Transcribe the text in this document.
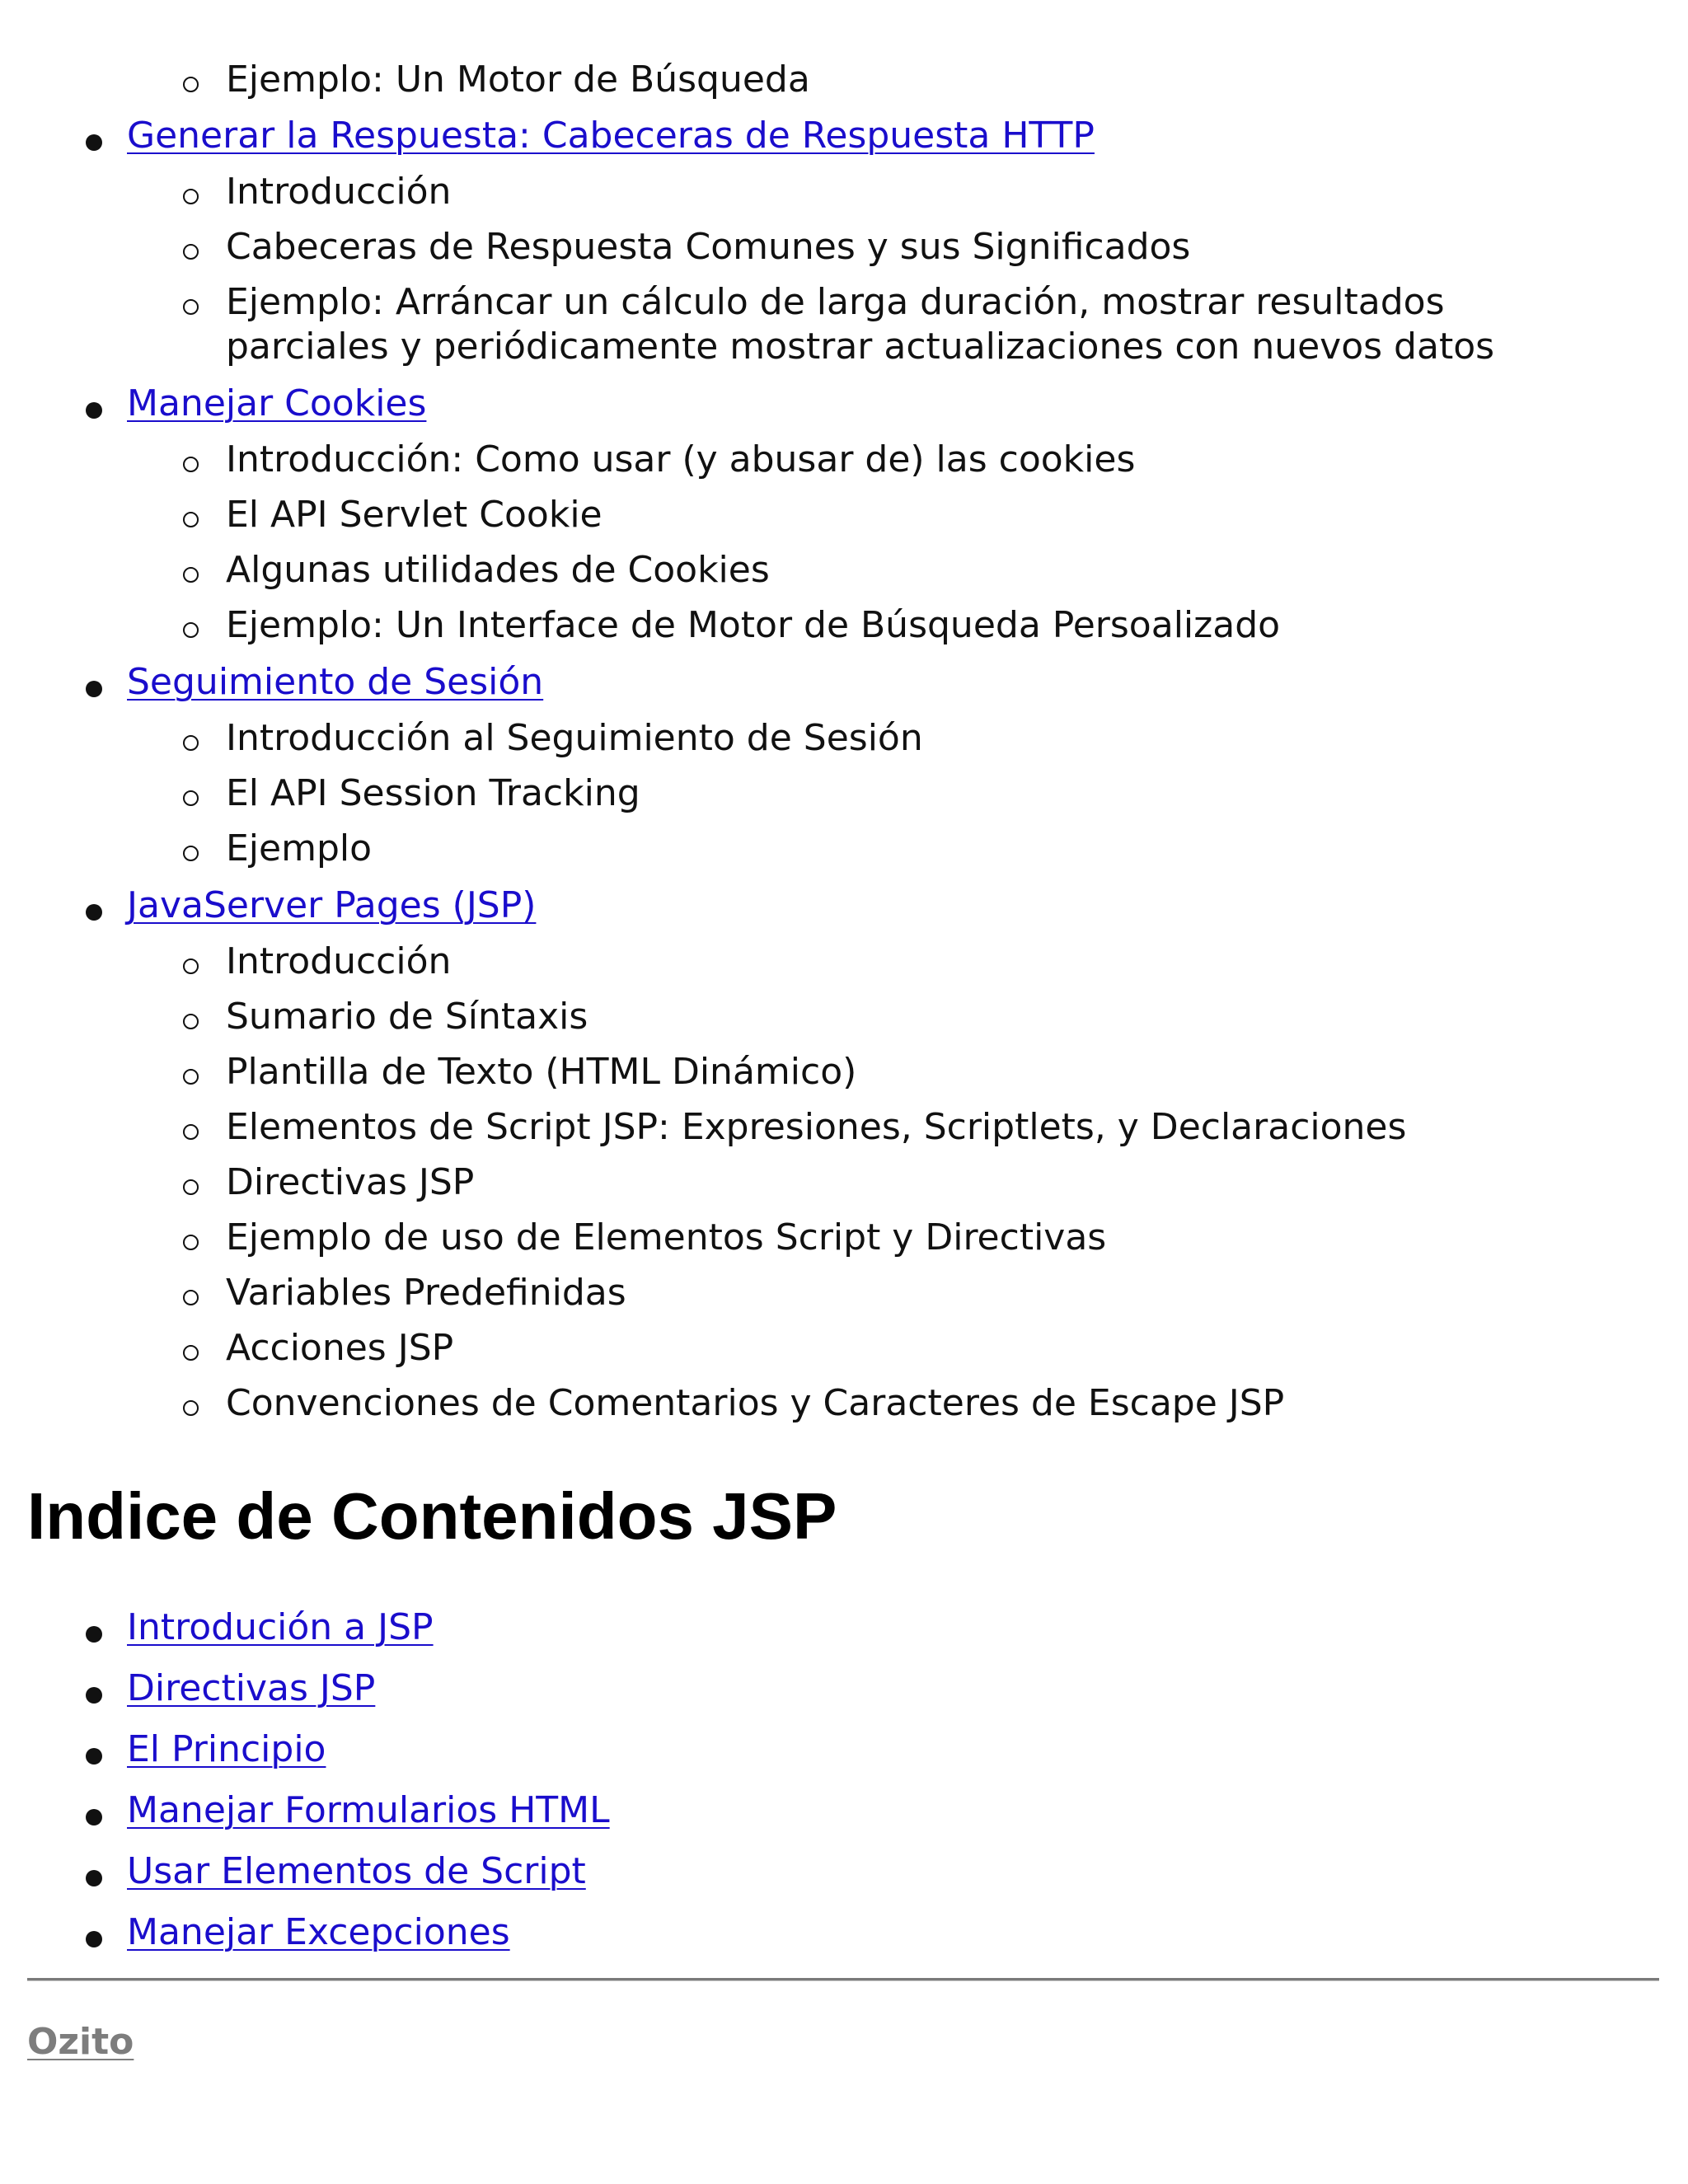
Ejemplo: Un Motor de Búsqueda
Generar la Respuesta: Cabeceras de Respuesta HTTP
Introducción
Cabeceras de Respuesta Comunes y sus Significados
Ejemplo: Arráncar un cálculo de larga duración, mostrar resultados
parciales y periódicamente mostrar actualizaciones con nuevos datos
Manejar Cookies
Introducción: Como usar (y abusar de) las cookies
El API Servlet Cookie
Algunas utilidades de Cookies
Ejemplo: Un Interface de Motor de Búsqueda Persoalizado
Seguimiento de Sesión
Introducción al Seguimiento de Sesión
El API Session Tracking
Ejemplo
JavaServer Pages (JSP)
Introducción
Sumario de Síntaxis
Plantilla de Texto (HTML Dinámico)
Elementos de Script JSP: Expresiones, Scriptlets, y Declaraciones
Directivas JSP
Ejemplo de uso de Elementos Script y Directivas
Variables Predefinidas
Acciones JSP
Convenciones de Comentarios y Caracteres de Escape JSP
Indice de Contenidos JSP
Introdución a JSP
Directivas JSP
El Principio
Manejar Formularios HTML
Usar Elementos de Script
Manejar Excepciones
Ozito
